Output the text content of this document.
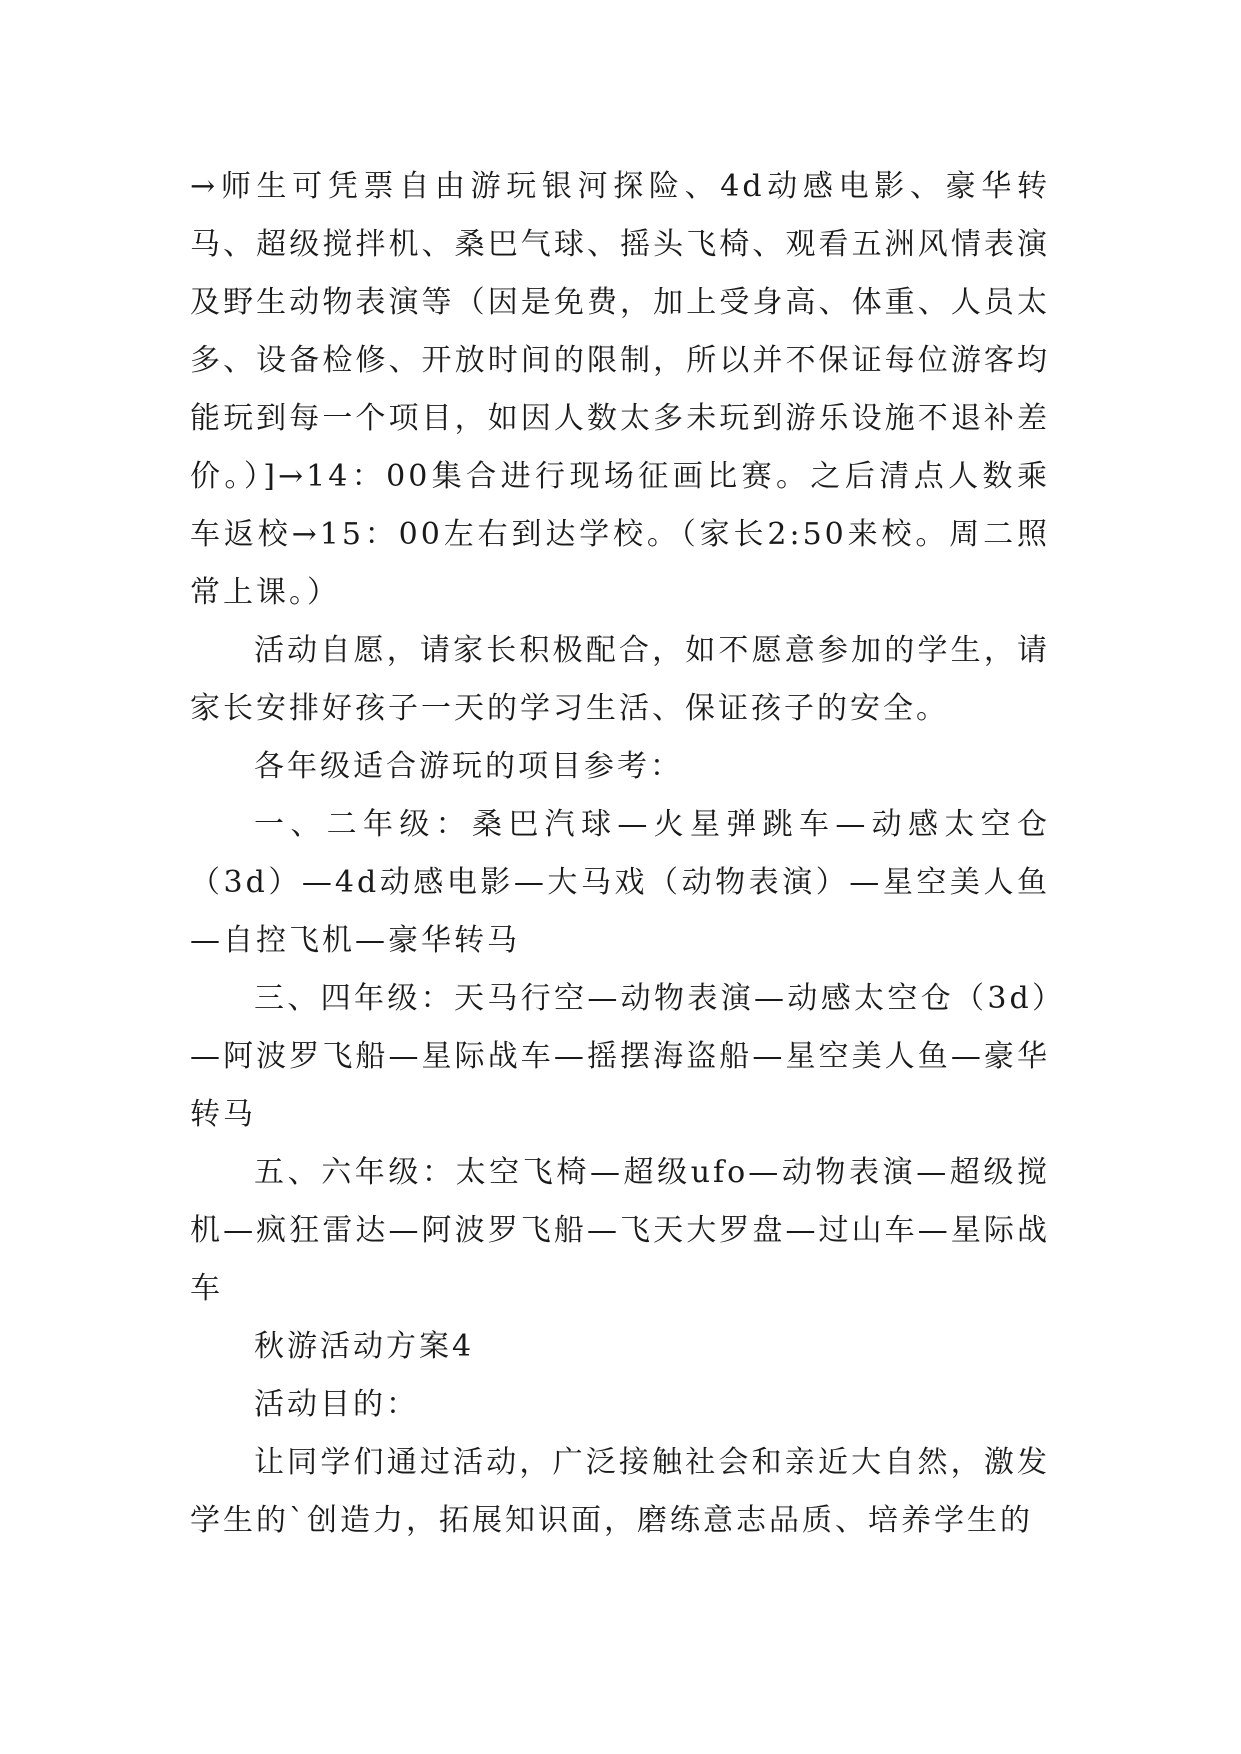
→师生可凭票自由游玩银河探险、4d动感电影、豪华转马、超级搅拌机、桑巴气球、摇头飞椅、观看五洲风情表演及野生动物表演等（因是免费，加上受身高、体重、人员太多、设备检修、开放时间的限制，所以并不保证每位游客均能玩到每一个项目，如因人数太多未玩到游乐设施不退补差价。）]→14：00集合进行现场征画比赛。之后清点人数乘车返校→15：00左右到达学校。（家长2:50来校。周二照常上课。）

活动自愿，请家长积极配合，如不愿意参加的学生，请家长安排好孩子一天的学习生活、保证孩子的安全。

各年级适合游玩的项目参考：

一、二年级：桑巴汽球—火星弹跳车—动感太空仓（3d）—4d动感电影—大马戏（动物表演）—星空美人鱼—自控飞机—豪华转马

三、四年级：天马行空—动物表演—动感太空仓（3d）—阿波罗飞船—星际战车—摇摆海盗船—星空美人鱼—豪华转马

五、六年级：太空飞椅—超级ufo—动物表演—超级搅机—疯狂雷达—阿波罗飞船—飞天大罗盘—过山车—星际战车

秋游活动方案4

活动目的：

让同学们通过活动，广泛接触社会和亲近大自然，激发学生的`创造力，拓展知识面，磨练意志品质、培养学生的
